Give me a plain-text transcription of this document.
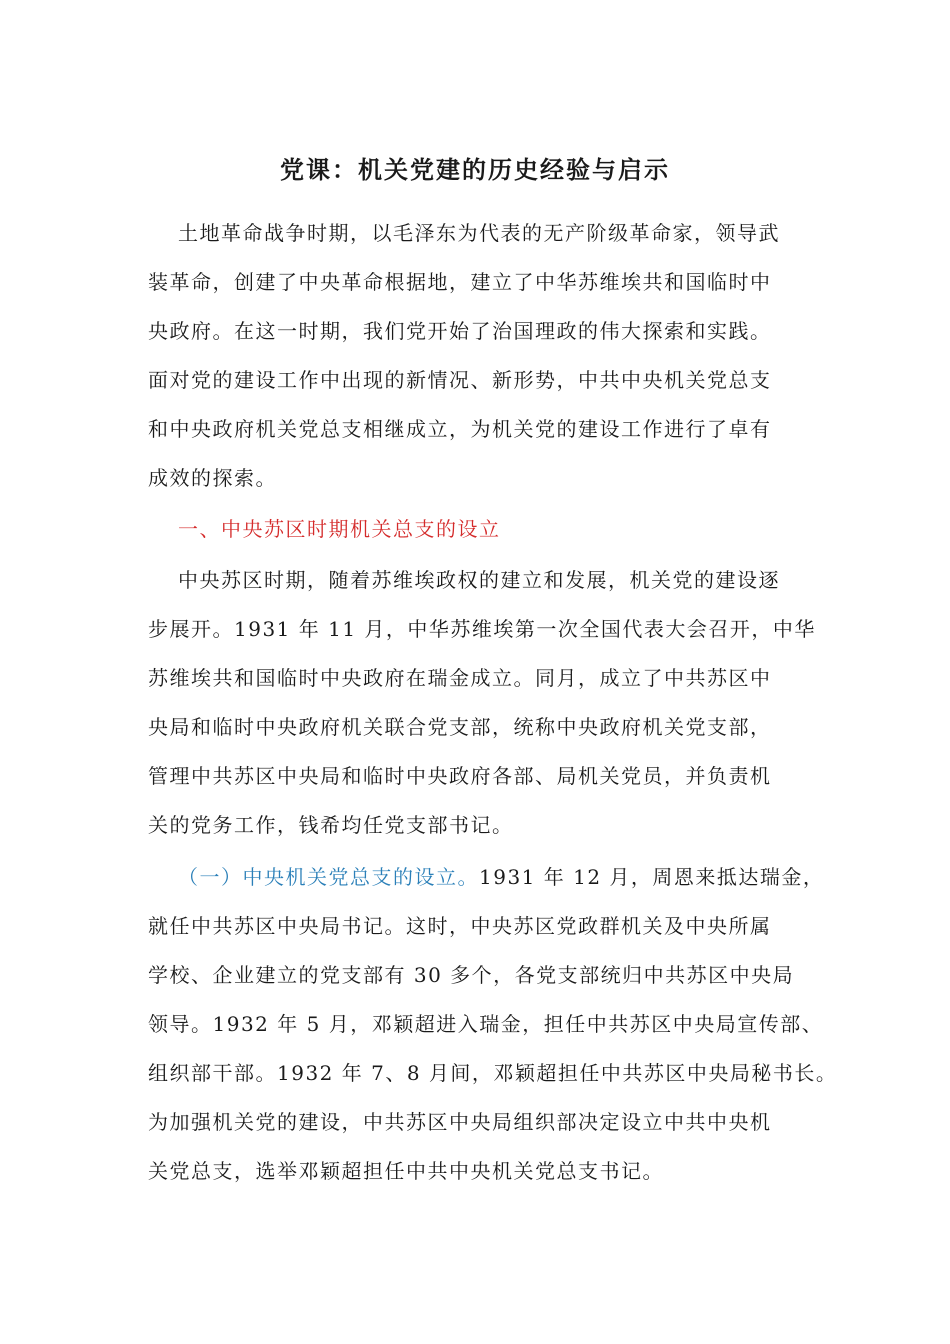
党课：机关党建的历史经验与启示
土地革命战争时期，以毛泽东为代表的无产阶级革命家，领导武
装革命，创建了中央革命根据地，建立了中华苏维埃共和国临时中
央政府。在这一时期，我们党开始了治国理政的伟大探索和实践。
面对党的建设工作中出现的新情况、新形势，中共中央机关党总支
和中央政府机关党总支相继成立，为机关党的建设工作进行了卓有
成效的探索。
一、中央苏区时期机关总支的设立
中央苏区时期，随着苏维埃政权的建立和发展，机关党的建设逐
步展开。1931 年 11 月，中华苏维埃第一次全国代表大会召开，中华
苏维埃共和国临时中央政府在瑞金成立。同月，成立了中共苏区中
央局和临时中央政府机关联合党支部，统称中央政府机关党支部，
管理中共苏区中央局和临时中央政府各部、局机关党员，并负责机
关的党务工作，钱希均任党支部书记。
（一）中央机关党总支的设立。1931 年 12 月，周恩来抵达瑞金，
就任中共苏区中央局书记。这时，中央苏区党政群机关及中央所属
学校、企业建立的党支部有 30 多个，各党支部统归中共苏区中央局
领导。1932 年 5 月，邓颖超进入瑞金，担任中共苏区中央局宣传部、
组织部干部。1932 年 7、8 月间，邓颖超担任中共苏区中央局秘书长。
为加强机关党的建设，中共苏区中央局组织部决定设立中共中央机
关党总支，选举邓颖超担任中共中央机关党总支书记。
